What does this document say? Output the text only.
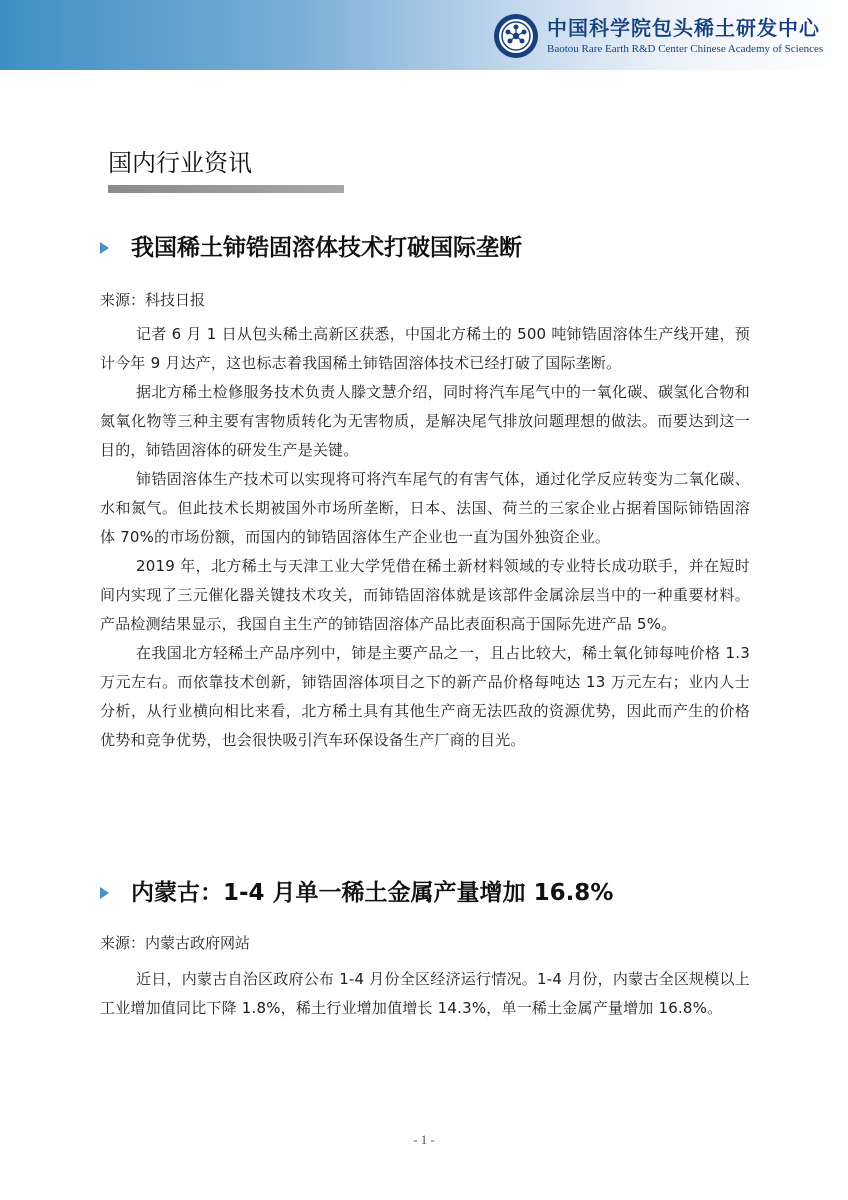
中国科学院包头稀土研发中心
Baotou Rare Earth R&D Center Chinese Academy of Sciences
国内行业资讯
我国稀土铈锆固溶体技术打破国际垄断
来源：科技日报

记者 6 月 1 日从包头稀土高新区获悉，中国北方稀土的 500 吨铈锆固溶体生产线开建，预计今年 9 月达产，这也标志着我国稀土铈锆固溶体技术已经打破了国际垄断。

据北方稀土检修服务技术负责人滕文慧介绍，同时将汽车尾气中的一氧化碳、碳氢化合物和氮氧化物等三种主要有害物质转化为无害物质，是解决尾气排放问题理想的做法。而要达到这一目的，铈锆固溶体的研发生产是关键。

铈锆固溶体生产技术可以实现将可将汽车尾气的有害气体，通过化学反应转变为二氧化碳、水和氮气。但此技术长期被国外市场所垄断，日本、法国、荷兰的三家企业占据着国际铈锆固溶体 70%的市场份额，而国内的铈锆固溶体生产企业也一直为国外独资企业。

2019 年，北方稀土与天津工业大学凭借在稀土新材料领域的专业特长成功联手，并在短时间内实现了三元催化器关键技术攻关，而铈锆固溶体就是该部件金属涂层当中的一种重要材料。产品检测结果显示，我国自主生产的铈锆固溶体产品比表面积高于国际先进产品 5%。

在我国北方轻稀土产品序列中，铈是主要产品之一，且占比较大，稀土氧化铈每吨价格 1.3 万元左右。而依靠技术创新，铈锆固溶体项目之下的新产品价格每吨达 13 万元左右；业内人士分析，从行业横向相比来看，北方稀土具有其他生产商无法匹敌的资源优势，因此而产生的价格优势和竞争优势，也会很快吸引汽车环保设备生产厂商的目光。

内蒙古：1-4 月单一稀土金属产量增加 16.8%
来源：内蒙古政府网站

近日，内蒙古自治区政府公布 1-4 月份全区经济运行情况。1-4 月份，内蒙古全区规模以上工业增加值同比下降 1.8%，稀土行业增加值增长 14.3%，单一稀土金属产量增加 16.8%。

- 1 -
